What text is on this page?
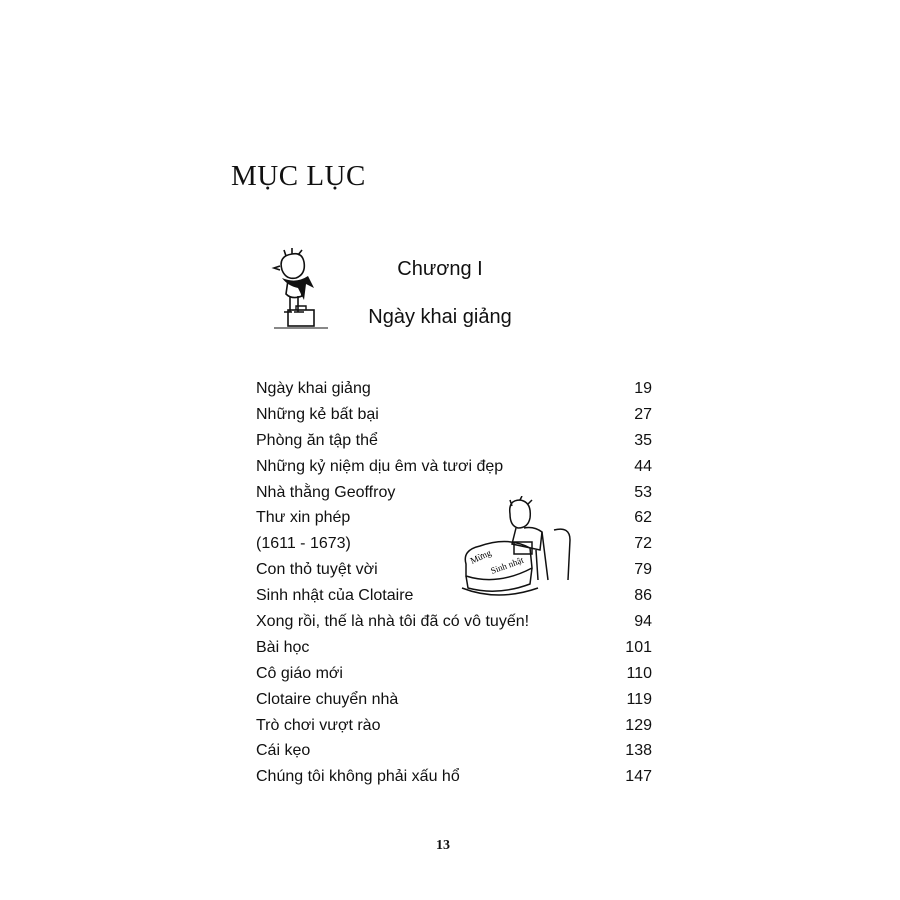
MỤC LỤC
Chương I
Ngày khai giảng
Ngày khai giảng	19
Những kẻ bất bại	27
Phòng ăn tập thể	35
Những kỷ niệm dịu êm và tươi đẹp	44
Nhà thằng Geoffroy	53
Thư xin phép	62
(1611 - 1673)	72
Con thỏ tuyệt vời	79
Sinh nhật của Clotaire	86
Xong rồi, thế là nhà tôi đã có vô tuyến!	94
Bài học	101
Cô giáo mới	110
Clotaire chuyển nhà	119
Trò chơi vượt rào	129
Cái kẹo	138
Chúng tôi không phải xấu hổ	147
Mừng
Sinh nhật
13
